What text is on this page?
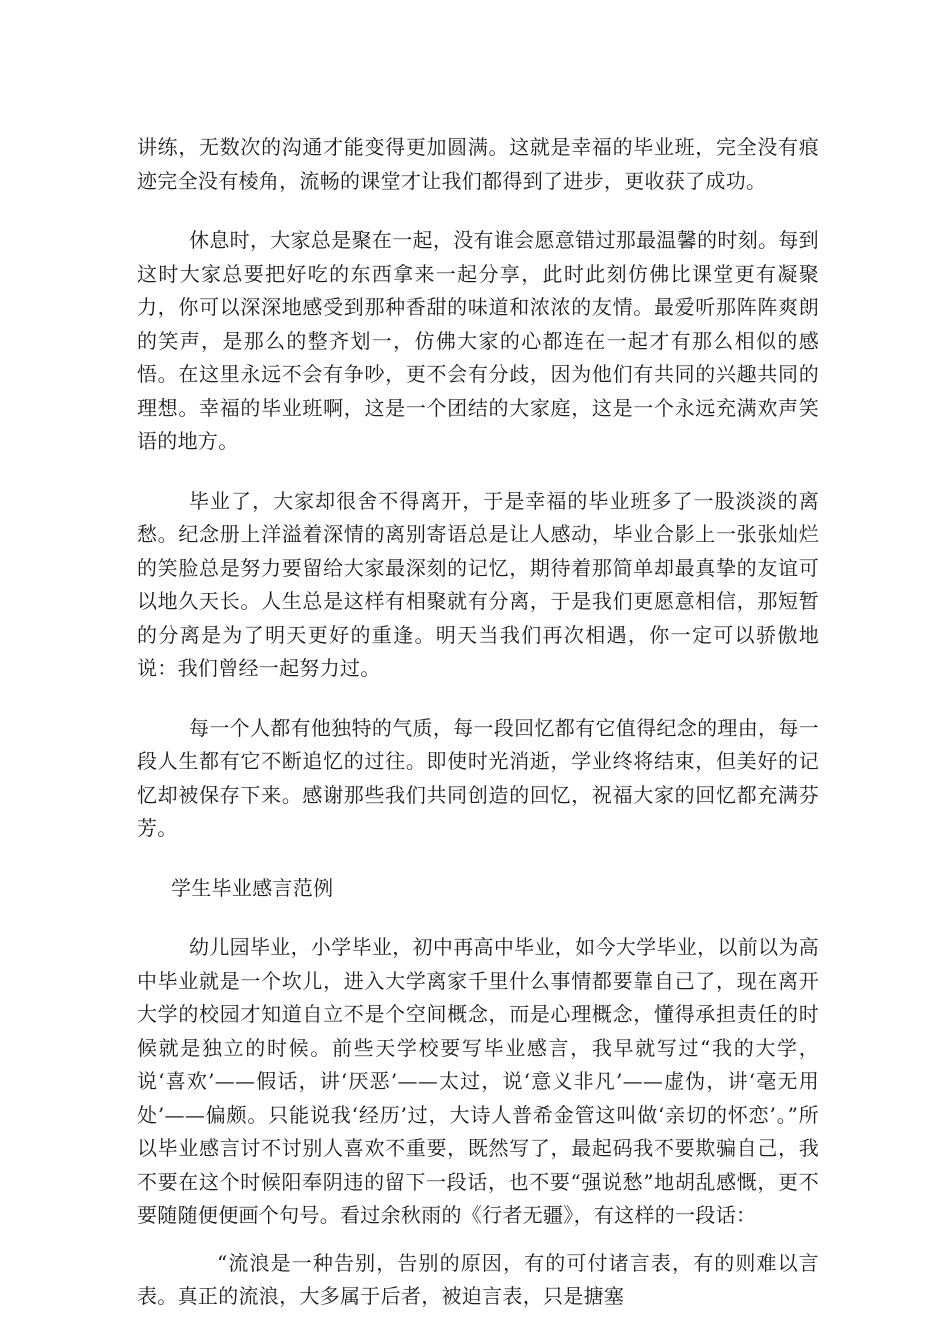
讲练，无数次的沟通才能变得更加圆满。这就是幸福的毕业班，完全没有痕迹完全没有棱角，流畅的课堂才让我们都得到了进步，更收获了成功。

休息时，大家总是聚在一起，没有谁会愿意错过那最温馨的时刻。每到这时大家总要把好吃的东西拿来一起分享，此时此刻仿佛比课堂更有凝聚力，你可以深深地感受到那种香甜的味道和浓浓的友情。最爱听那阵阵爽朗的笑声，是那么的整齐划一，仿佛大家的心都连在一起才有那么相似的感悟。在这里永远不会有争吵，更不会有分歧，因为他们有共同的兴趣共同的理想。幸福的毕业班啊，这是一个团结的大家庭，这是一个永远充满欢声笑语的地方。

毕业了，大家却很舍不得离开，于是幸福的毕业班多了一股淡淡的离愁。纪念册上洋溢着深情的离别寄语总是让人感动，毕业合影上一张张灿烂的笑脸总是努力要留给大家最深刻的记忆，期待着那简单却最真挚的友谊可以地久天长。人生总是这样有相聚就有分离，于是我们更愿意相信，那短暂的分离是为了明天更好的重逢。明天当我们再次相遇，你一定可以骄傲地说：我们曾经一起努力过。

每一个人都有他独特的气质，每一段回忆都有它值得纪念的理由，每一段人生都有它不断追忆的过往。即使时光消逝，学业终将结束，但美好的记忆却被保存下来。感谢那些我们共同创造的回忆，祝福大家的回忆都充满芬芳。

学生毕业感言范例

幼儿园毕业，小学毕业，初中再高中毕业，如今大学毕业，以前以为高中毕业就是一个坎儿，进入大学离家千里什么事情都要靠自己了，现在离开大学的校园才知道自立不是个空间概念，而是心理概念，懂得承担责任的时候就是独立的时候。前些天学校要写毕业感言，我早就写过“我的大学，说‘喜欢’——假话，讲‘厌恶’——太过，说‘意义非凡’——虚伪，讲‘毫无用处’——偏颇。只能说我‘经历’过，大诗人普希金管这叫做‘亲切的怀恋’。”所以毕业感言讨不讨别人喜欢不重要，既然写了，最起码我不要欺骗自己，我不要在这个时候阳奉阴违的留下一段话，也不要“强说愁”地胡乱感慨，更不要随随便便画个句号。看过余秋雨的《行者无疆》，有这样的一段话：

“流浪是一种告别，告别的原因，有的可付诸言表，有的则难以言表。真正的流浪，大多属于后者，被迫言表，只是搪塞
